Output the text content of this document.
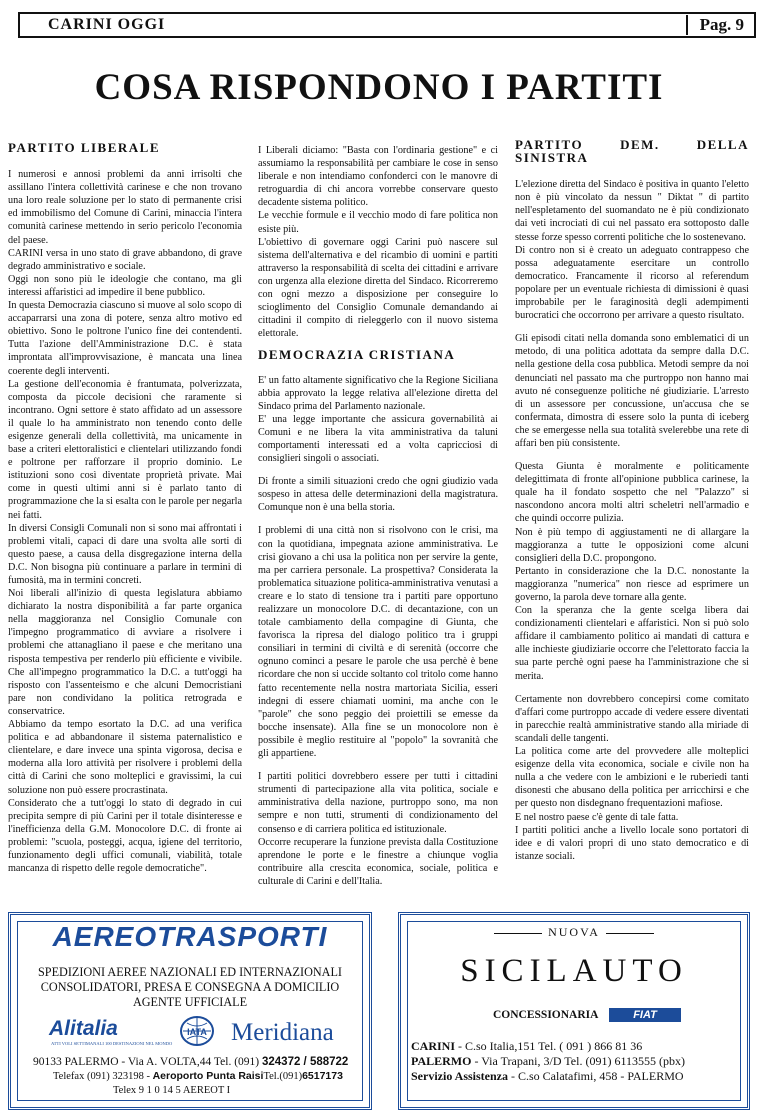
CARINI OGGI	Pag. 9
COSA RISPONDONO I PARTITI
PARTITO LIBERALE

I numerosi e annosi problemi da anni irrisolti che assillano l'intera collettività carinese e che non trovano una loro reale soluzione per lo stato di permanente crisi ed immobilismo del Comune di Carini, minaccia l'intera comunità carinese mettendo in serio pericolo l'economia del paese.

CARINI versa in uno stato di grave abbandono, di grave degrado amministrativo e sociale.

Oggi non sono più le ideologie che contano, ma gli interessi affaristici ad impedire il bene pubblico.

In questa Democrazia ciascuno si muove al solo scopo di accaparrarsi una zona di potere, senza altro motivo ed obiettivo. Sono le poltrone l'unico fine dei contendenti. Tutta l'azione dell'Amministrazione D.C. è stata improntata all'improvvisazione, è mancata una linea coerente degli interventi.

La gestione dell'economia è frantumata, polverizzata, composta da piccole decisioni che raramente si incontrano. Ogni settore è stato affidato ad un assessore il quale lo ha amministrato non tenendo conto delle esigenze generali della collettività, ma unicamente in base a criteri elettoralistici e clientelari utilizzando fondi e poltrone per rafforzare il proprio dominio. Le istituzioni sono così diventate proprietà private. Mai come in questi ultimi anni si è parlato tanto di programmazione che la si esalta con le parole per negarla nei fatti.

In diversi Consigli Comunali non si sono mai affrontati i problemi vitali, capaci di dare una svolta alle sorti di questo paese, a causa della disgregazione interna della D.C. Non bisogna più continuare a parlare in termini di fumosità, ma in termini concreti.

Noi liberali all'inizio di questa legislatura abbiamo dichiarato la nostra disponibilità a far parte organica nella maggioranza nel Consiglio Comunale con l'impegno programmatico di avviare a risolvere i problemi che attanagliano il paese e che meritano una risposta tempestiva per renderlo più efficiente e vivibile. Che all'impegno programmatico la D.C. a tutt'oggi ha risposto con l'assenteismo e che alcuni Democristiani pare non condividano la politica retrograda e conservatrice.

Abbiamo da tempo esortato la D.C. ad una verifica politica e ad abbandonare il sistema paternalistico e clientelare, e dare invece una spinta vigorosa, decisa e moderna alla loro attività per risolvere i problemi della città di Carini che sono molteplici e gravissimi, la cui soluzione non può essere procrastinata.

Considerato che a tutt'oggi lo stato di degrado in cui precipita sempre di più Carini per il totale disinteresse e l'inefficienza della G.M. Monocolore D.C. di fronte ai problemi: "scuola, posteggi, acqua, igiene del territorio, funzionamento degli uffici comunali, viabilità, totale mancanza di rispetto delle regole democratiche".

I Liberali diciamo: "Basta con l'ordinaria gestione" e ci assumiamo la responsabilità per cambiare le cose in senso liberale e non intendiamo confonderci con le manovre di retroguardia di chi ancora vorrebbe conservare questo decadente sistema politico.

Le vecchie formule e il vecchio modo di fare politica non esiste più.

L'obiettivo di governare oggi Carini può nascere sul sistema dell'alternativa e del ricambio di uomini e partiti attraverso la responsabilità di scelta dei cittadini e arrivare con urgenza alla elezione diretta del Sindaco. Ricorreremo con ogni mezzo a disposizione per conseguire lo scioglimento del Consiglio Comunale demandando ai cittadini il compito di rieleggerlo con il nuovo sistema elettorale.

DEMOCRAZIA CRISTIANA

E' un fatto altamente significativo che la Regione Siciliana abbia approvato la legge relativa all'elezione diretta del Sindaco prima del Parlamento nazionale.

E' una legge importante che assicura governabilità ai Comuni e ne libera la vita amministrativa da taluni comportamenti interessati ed a volta capricciosi di consiglieri singoli o associati.

Di fronte a simili situazioni credo che ogni giudizio vada sospeso in attesa delle determinazioni della magistratura. Comunque non è una bella storia.

I problemi di una città non si risolvono con le crisi, ma con la quotidiana, impegnata azione amministrativa. Le crisi giovano a chi usa la politica non per servire la gente, ma per carriera personale. La prospettiva? Considerata la problematica situazione politica-amministrativa venutasi a creare e lo stato di tensione tra i partiti pare opportuno realizzare un monocolore D.C. di decantazione, con un totale cambiamento della compagine di Giunta, che favorisca la ripresa del dialogo politico tra i gruppi consiliari in termini di civiltà e di serenità (occorre che ognuno cominci a pesare le parole che usa perchè è bene ricordare che non si uccide soltanto col tritolo come hanno fatto recentemente nella nostra martoriata Sicilia, esseri indegni di essere chiamati uomini, ma anche con le "parole" che sono peggio dei proiettili se emesse da bocche insensate). Alla fine se un monocolore non è possibile è meglio restituire al "popolo" la sovranità che gli appartiene.

I partiti politici dovrebbero essere per tutti i cittadini strumenti di partecipazione alla vita politica, sociale e amministrativa della nazione, purtroppo sono, ma non sempre e non tutti, strumenti di condizionamento del consenso e di carriera politica ed istituzionale.

Occorre recuperare la funzione prevista dalla Costituzione aprendone le porte e le finestre a chiunque voglia contribuire alla crescita economica, sociale, politica e culturale di Carini e dell'Italia.

PARTITO DEM. DELLA SINISTRA

L'elezione diretta del Sindaco è positiva in quanto l'eletto non è più vincolato da nessun " Diktat " di partito nell'espletamento del suomandato ne è più condizionato dai veti incrociati di cui nel passato era sottoposto dalle stesse forze spesso correnti politiche che lo sostenevano.

Di contro non si è creato un adeguato contrappeso che possa adeguatamente esercitare un controllo democratico. Francamente il ricorso al referendum popolare per un eventuale richiesta di dimissioni è quasi improbabile per le faraginosità degli adempimenti burocratici che occorrono per arrivare a questo risultato.

Gli episodi citati nella domanda sono emblematici di un metodo, di una politica adottata da sempre dalla D.C. nella gestione della cosa pubblica. Metodi sempre da noi denunciati nel passato ma che purtroppo non hanno mai avuto né conseguenze politiche né giudiziarie. L'arresto di un assessore per concussione, un'accusa che se confermata, dimostra di essere solo la punta di iceberg che se emergesse nella sua totalità svelerebbe una rete di affari ben più consistente.

Questa Giunta è moralmente e politicamente delegittimata di fronte all'opinione pubblica carinese, la quale ha il fondato sospetto che nel "Palazzo" si nascondono ancora molti altri scheletri nell'armadio e che quindi occorre pulizia.

Non è più tempo di aggiustamenti ne di allargare la maggioranza a tutte le opposizioni come alcuni consiglieri della D.C. propongono.

Pertanto in considerazione che la D.C. nonostante la maggioranza "numerica" non riesce ad esprimere un governo, la parola deve tornare alla gente.

Con la speranza che la gente scelga libera dai condizionamenti clientelari e affaristici. Non si può solo affidare il cambiamento politico ai mandati di cattura e alle inchieste giudiziarie occorre che l'elettorato faccia la sua parte perchè ogni paese ha l'amministrazione che si merita.

Certamente non dovrebbero concepirsi come comitato d'affari come purtroppo accade di vedere essere diventati in parecchie realtà amministrative stando alla miriade di scandali delle tangenti.

La politica come arte del provvedere alle molteplici esigenze della vita economica, sociale e civile non ha nulla a che vedere con le ambizioni e le ruberiedi tanti disonesti che abusano della politica per arricchirsi e che per questo non disdegnano frequentazioni mafiose.

E nel nostro paese c'è gente di tale fatta.

I partiti politici anche a livello locale sono portatori di idee e di valori propri di uno stato democratico e di istanze sociali.

AEREOTRASPORTI
SPEDIZIONI AEREE NAZIONALI ED INTERNAZIONALI
CONSOLIDATORI, PRESA E CONSEGNA A DOMICILIO
AGENTE UFFICIALE
Alitalia
ATTI VOLI SETTIMANALI 100 DESTINAZIONI NEL MONDO
IATA Meridiana
90133 PALERMO - Via A. VOLTA,44 Tel. (091) 324372 / 588722
Telefax (091) 323198 - Aeroporto Punta RaisiTel.(091)6517173
Telex 9 1 0 14 5 AEREOT I
NUOVA
SICILAUTO
CONCESSIONARIA	FIAT
CARINI - C.so Italia,151 Tel. ( 091 ) 866 81 36
PALERMO - Via Trapani, 3/D Tel. (091) 6113555 (pbx)
Servizio Assistenza - C.so Calatafimi, 458 - PALERMO
